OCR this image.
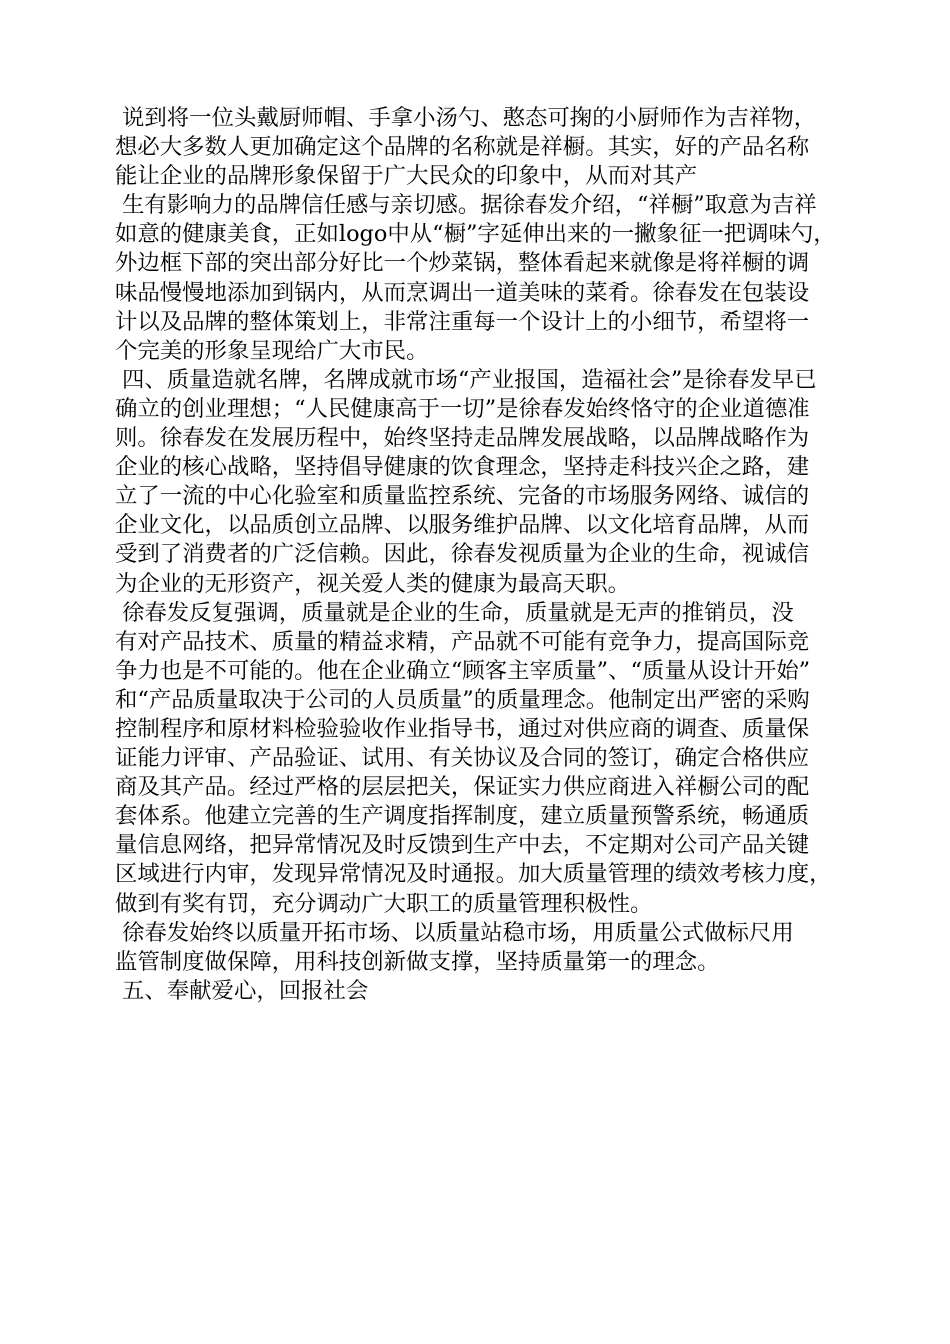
说到将一位头戴厨师帽、手拿小汤勺、憨态可掬的小厨师作为吉祥物，
想必大多数人更加确定这个品牌的名称就是祥橱。其实，好的产品名称
能让企业的品牌形象保留于广大民众的印象中，从而对其产
生有影响力的品牌信任感与亲切感。据徐春发介绍，“祥橱”取意为吉祥
如意的健康美食，正如logo中从“橱”字延伸出来的一撇象征一把调味勺，
外边框下部的突出部分好比一个炒菜锅，整体看起来就像是将祥橱的调
味品慢慢地添加到锅内，从而烹调出一道美味的菜肴。徐春发在包装设
计以及品牌的整体策划上，非常注重每一个设计上的小细节，希望将一
个完美的形象呈现给广大市民。
四、质量造就名牌，名牌成就市场“产业报国，造福社会”是徐春发早已
确立的创业理想；“人民健康高于一切”是徐春发始终恪守的企业道德准
则。徐春发在发展历程中，始终坚持走品牌发展战略，以品牌战略作为
企业的核心战略，坚持倡导健康的饮食理念，坚持走科技兴企之路，建
立了一流的中心化验室和质量监控系统、完备的市场服务网络、诚信的
企业文化，以品质创立品牌、以服务维护品牌、以文化培育品牌，从而
受到了消费者的广泛信赖。因此，徐春发视质量为企业的生命，视诚信
为企业的无形资产，视关爱人类的健康为最高天职。
徐春发反复强调，质量就是企业的生命，质量就是无声的推销员，没
有对产品技术、质量的精益求精，产品就不可能有竞争力，提高国际竞
争力也是不可能的。他在企业确立“顾客主宰质量”、“质量从设计开始”
和“产品质量取决于公司的人员质量”的质量理念。他制定出严密的采购
控制程序和原材料检验验收作业指导书，通过对供应商的调查、质量保
证能力评审、产品验证、试用、有关协议及合同的签订，确定合格供应
商及其产品。经过严格的层层把关，保证实力供应商进入祥橱公司的配
套体系。他建立完善的生产调度指挥制度，建立质量预警系统，畅通质
量信息网络，把异常情况及时反馈到生产中去，不定期对公司产品关键
区域进行内审，发现异常情况及时通报。加大质量管理的绩效考核力度，
做到有奖有罚，充分调动广大职工的质量管理积极性。
徐春发始终以质量开拓市场、以质量站稳市场，用质量公式做标尺用
监管制度做保障，用科技创新做支撑，坚持质量第一的理念。
五、奉献爱心，回报社会
